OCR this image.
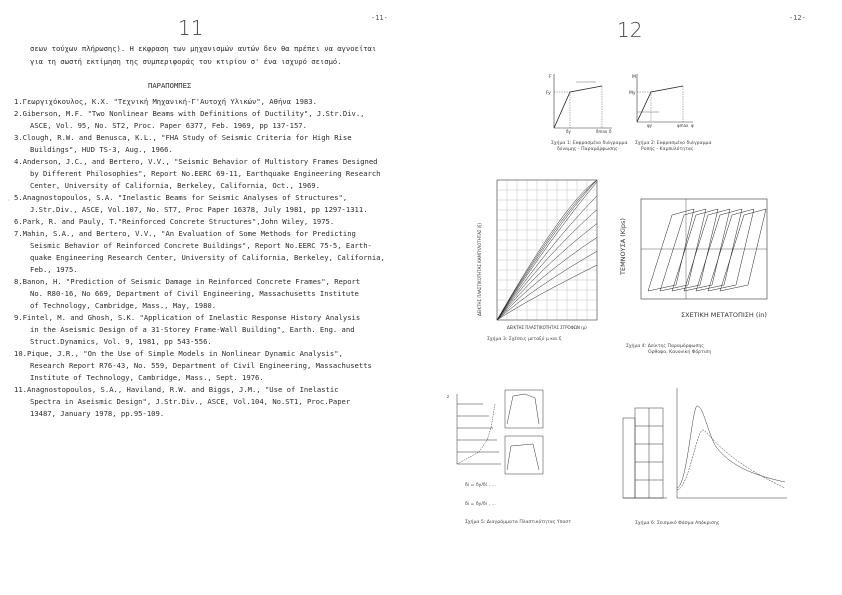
11	-11-
σεων τούχων πλήρωσης). Η εκφραση των μηχανισμών αυτών δεν θα πρέπει να αγνοείται
για τη σωστή εκτίμηση της συμπεριφοράς του κτιρίου σ' ένα ισχυρό σεισμό.
ΠΑΡΑΠΟΜΠΕΣ
1.Γεωργιχόκουλος, Κ.Χ. "Τεχνική Μηχανική-Γ'Αυτοχή Υλικών", Αθήνα 1983.
2.Giberson, M.F. "Two Nonlinear Beams with Definitions of Ductility", J.Str.Div.,
ASCE, Vol. 95, No. ST2, Proc. Paper 6377, Feb. 1969, pp 137-157.
3.Clough, R.W. and Benusca, K.L., "FHA Study of Seismic Criteria for High Rise
Buildings", HUD TS-3, Aug., 1966.
4.Anderson, J.C., and Bertero, V.V., "Seismic Behavior of Multistory Frames Designed
by Different Philosophies", Report No.EERC 69-11, Earthquake Engineering Research
Center, University of California, Berkeley, California, Oct., 1969.
5.Anagnostopoulos, S.A. "Inelastic Beams for Seismic Analyses of Structures",
J.Str.Div., ASCE, Vol.107, No. ST7, Proc Paper 16378, July 1981, pp 1297-1311.
6.Park, R. and Pauly, T."Reinforced Concrete Structures",John Wiley, 1975.
7.Mahin, S.A., and Bertero, V.V., "An Evaluation of Some Methods for Predicting
Seismic Behavior of Reinforced Concrete Buildings", Report No.EERC 75-5, Earth-
quake Engineering Research Center, University of California, Berkeley, California,
Feb., 1975.
8.Banon, H. "Prediction of Seismic Damage in Reinforced Concrete Frames", Report
No. R80-16, No 669, Department of Civil Engineering, Massachusetts Institute
of Technology, Cambridge, Mass., May, 1980.
9.Fintel, M. and Ghosh, S.K. "Application of Inelastic Response History Analysis
in the Aseismic Design of a 31-Storey Frame-Wall Building", Earth. Eng. and
Struct.Dynamics, Vol. 9, 1981, pp 543-556.
10.Pique, J.R., "On the Use of Simple Models in Nonlinear Dynamic Analysis",
Research Report R76-43, No. 559, Department of Civil Engineering, Massachusetts
Institute of Technology, Cambridge, Mass., Sept. 1976.
11.Anagnostopoulos, S.A., Haviland, R.W. and Biggs, J.M., "Use of Inelastic
Spectra in Aseismic Design", J.Str.Div., ASCE, Vol.104, No.ST1, Proc.Paper
13487, January 1978, pp.95-109.
·
12	-12-
F
Fy
δy	δmax δ
Σχήμα 1: Εκφρασμένο διάγραμμα
δύναμης - Παραμόρφωσης
M
My
φy	φmax φ
Σχήμα 2: Εκφρασμένο διάγραμμα
Ροπής - Καμπυλότητας
ΔΕΙΚΤΗΣ ΠΛΑΣΤΙΚΟΤΗΤΑΣ ΚΑΜΠΥΛΟΤΗΤΑΣ (ξ)
ΔΕΙΚΤΗΣ ΠΛΑΣΤΙΚΟΤΗΤΑΣ ΣΤΡΟΦΩΝ (μ)
Σχήμα 3: Σχέσεις μεταξύ μ και ξ
ΤΕΜΝΟΥΣΑ (Kips)
ΣΧΕΤΙΚΗ ΜΕΤΑΤΟΠΙΣΗ (in)
Σχήμα 4: Δείκτης Παραμόρφωσης
Ορθοφα, Κανονική Φόρτιση
z
δi = δy/δi , ...
δi = δy/δi , ...
Σχήμα 5: Διαγράμματα Πλαστικότητας Υποστ	Σχήμα 6: Σεισμικό Φάσμα Απόκρισης
